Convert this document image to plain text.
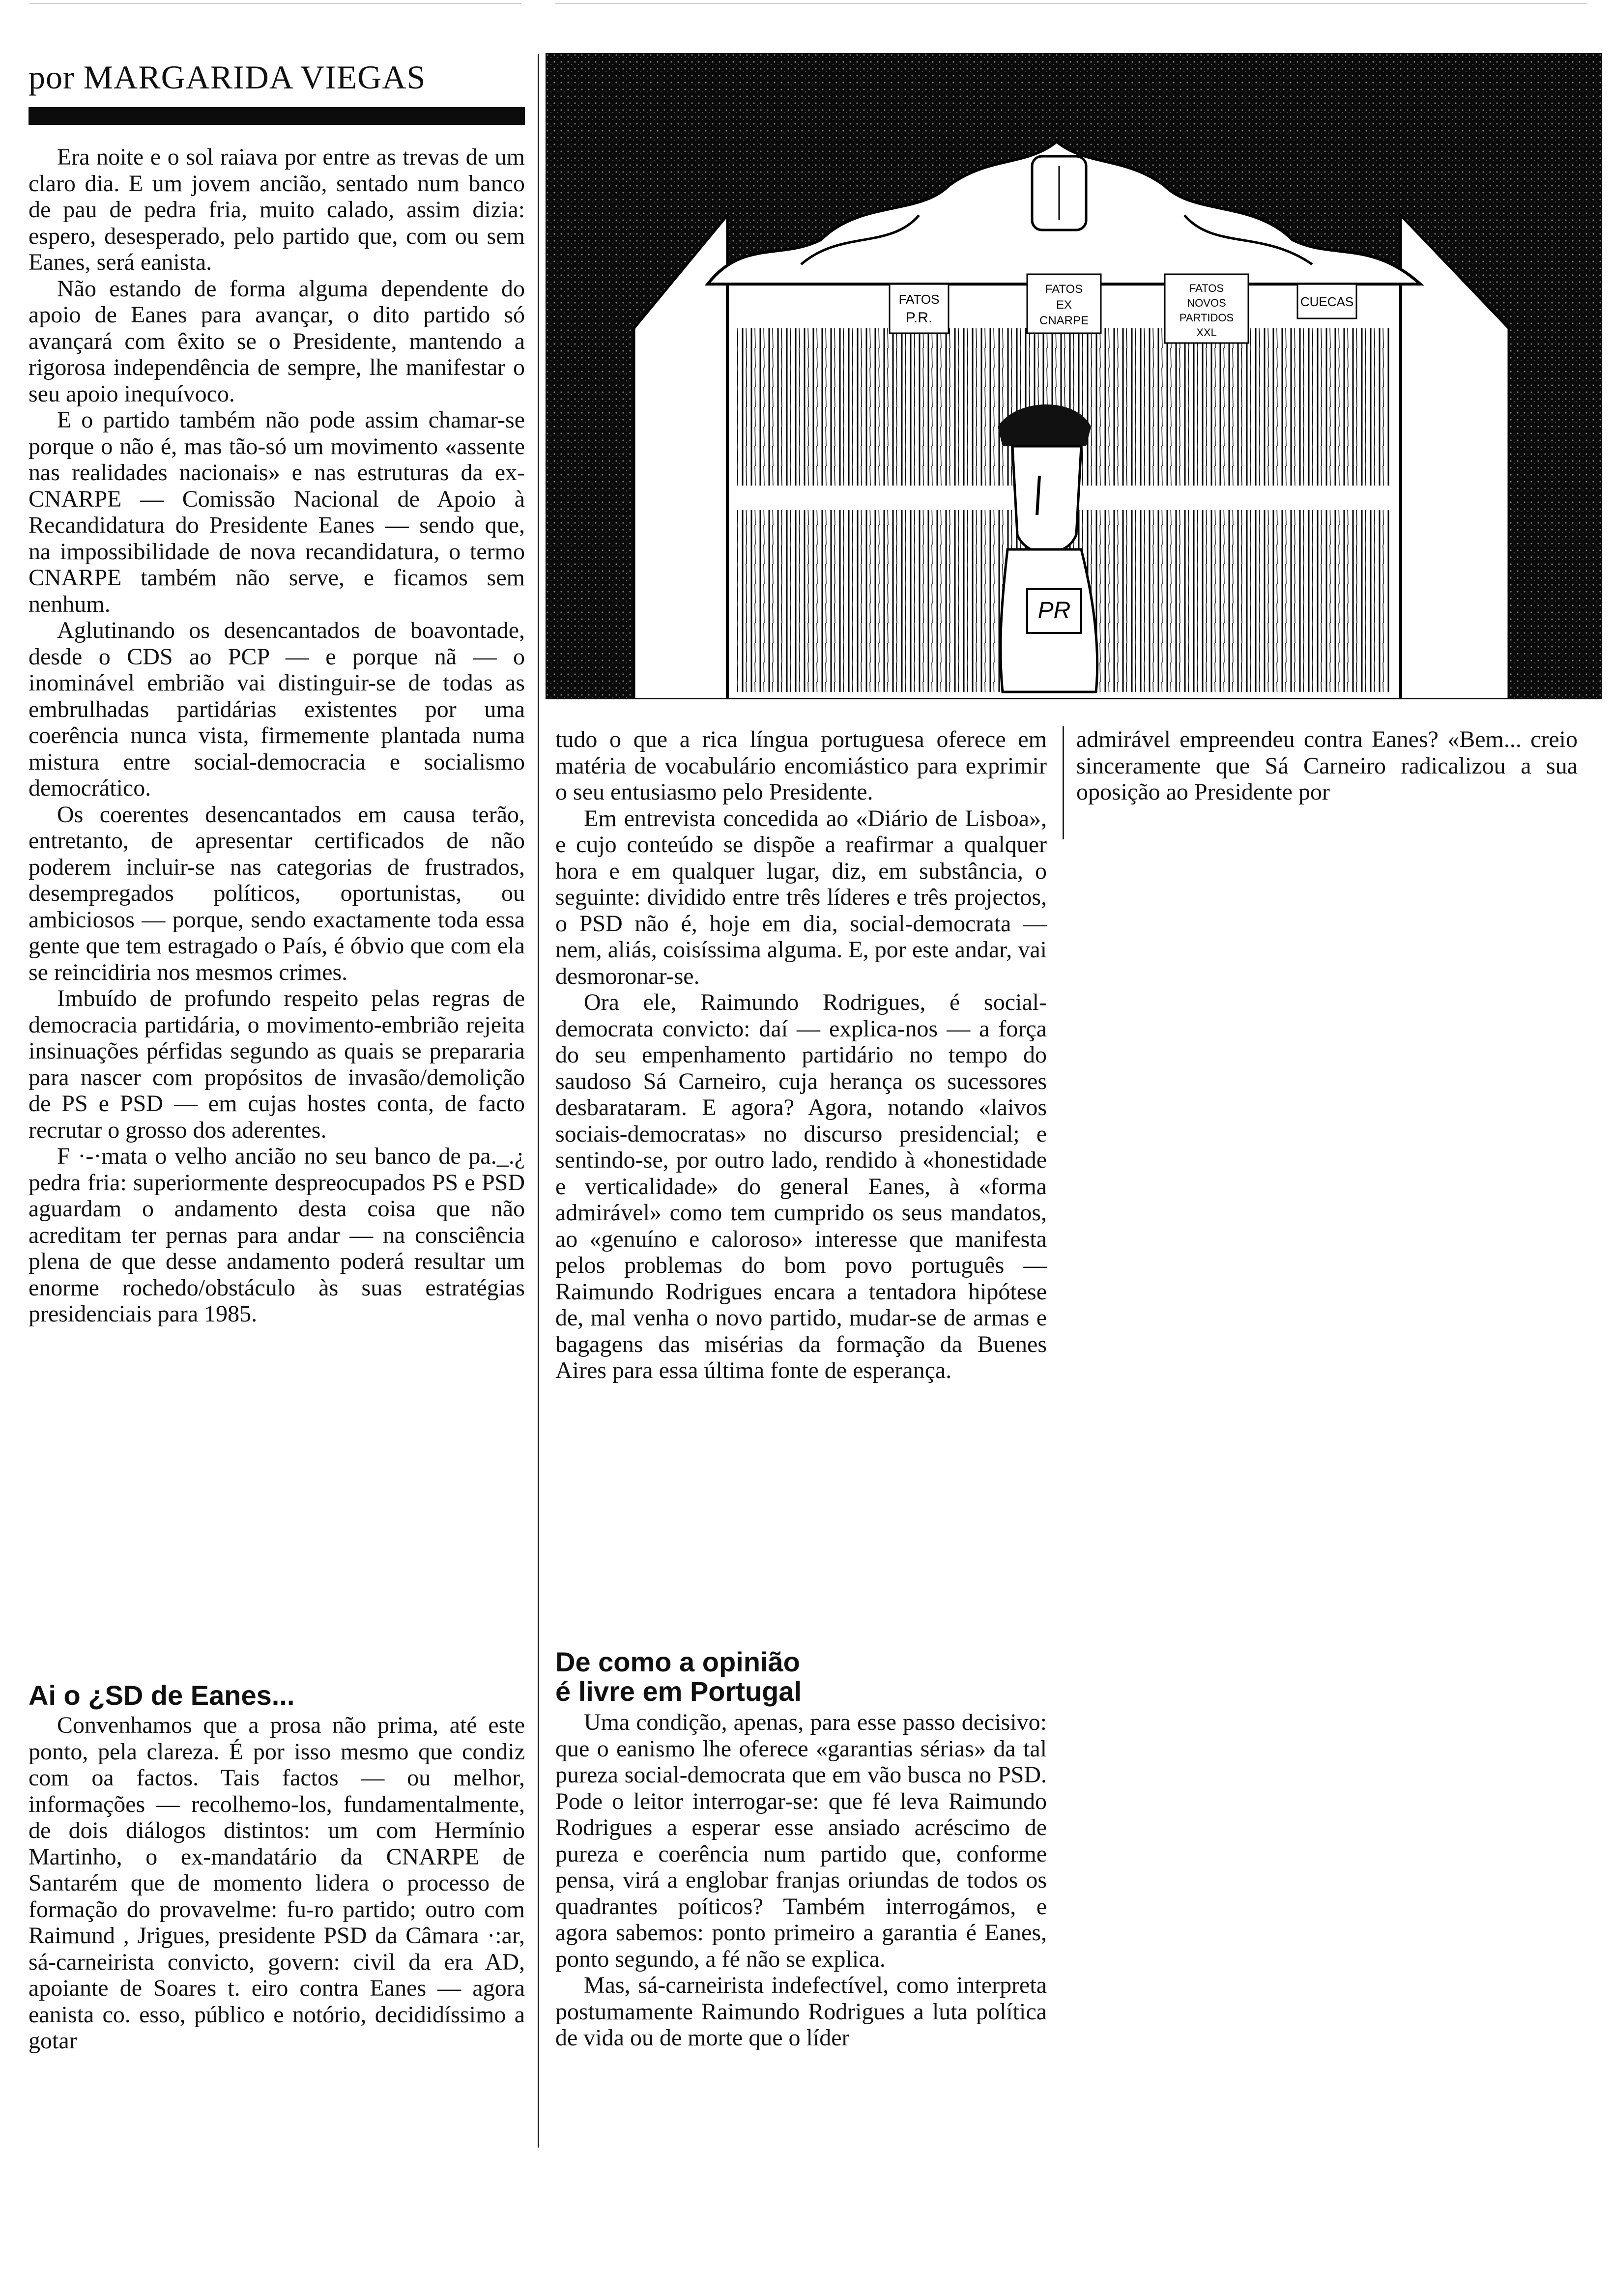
por MARGARIDA VIEGAS

Era noite e o sol raiava por entre as trevas de um claro dia. E um jovem ancião, sentado num banco de pau de pedra fria, muito calado, assim dizia: espero, desesperado, pelo partido que, com ou sem Eanes, será eanista.

Não estando de forma alguma dependente do apoio de Eanes para avançar, o dito partido só avançará com êxito se o Presidente, mantendo a rigorosa independência de sempre, lhe manifestar o seu apoio inequívoco.

E o partido também não pode assim chamar-se porque o não é, mas tão-só um movimento «assente nas realidades nacionais» e nas estruturas da ex-CNARPE — Comissão Nacional de Apoio à Recandidatura do Presidente Eanes — sendo que, na impossibilidade de nova recandidatura, o termo CNARPE também não serve, e ficamos sem nenhum.

Aglutinando os desencantados de boavontade, desde o CDS ao PCP — e porque nã — o inominável embrião vai distinguir-se de todas as embrulhadas partidárias existentes por uma coerência nunca vista, firmemente plantada numa mistura entre social-democracia e socialismo democrático.

Os coerentes desencantados em causa terão, entretanto, de apresentar certificados de não poderem incluir-se nas categorias de frustrados, desempregados políticos, oportunistas, ou ambiciosos — porque, sendo exactamente toda essa gente que tem estragado o País, é óbvio que com ela se reincidiria nos mesmos crimes.

Imbuído de profundo respeito pelas regras de democracia partidária, o movimento-embrião rejeita insinuações pérfidas segundo as quais se prepararia para nascer com propósitos de invasão/demolição de PS e PSD — em cujas hostes conta, de facto recrutar o grosso dos aderentes.

F ·-·mata o velho ancião no seu banco de pa._.¿ pedra fria: superiormente despreocupados PS e PSD aguardam o andamento desta coisa que não acreditam ter pernas para andar — na consciência plena de que desse andamento poderá resultar um enorme rochedo/obstáculo às suas estratégias presidenciais para 1985.

Ai o ¿SD de Eanes...

Convenhamos que a prosa não prima, até este ponto, pela clareza. É por isso mesmo que condiz com oa factos. Tais factos — ou melhor, informações — recolhemo-los, fundamentalmente, de dois diálogos distintos: um com Hermínio Martinho, o ex-mandatário da CNARPE de Santarém que de momento lidera o processo de formação do provavelme: fu-ro partido; outro com Raimund , Jrigues, presidente PSD da Câmara ·:ar, sá-carneirista convicto, govern: civil da era AD, apoiante de Soares t. eiro contra Eanes — agora eanista co. esso, público e notório, decididíssimo a gotar

FATOS
P.R.
FATOS
EX
CNARPE
FATOS
NOVOS
PARTIDOS
XXL
CUECAS
PR

tudo o que a rica língua portuguesa oferece em matéria de vocabulário encomiástico para exprimir o seu entusiasmo pelo Presidente.

Em entrevista concedida ao «Diário de Lisboa», e cujo conteúdo se dispõe a reafirmar a qualquer hora e em qualquer lugar, diz, em substância, o seguinte: dividido entre três líderes e três projectos, o PSD não é, hoje em dia, social-democrata — nem, aliás, coisíssima alguma. E, por este andar, vai desmoronar-se.

Ora ele, Raimundo Rodrigues, é social-democrata convicto: daí — explica-nos — a força do seu empenhamento partidário no tempo do saudoso Sá Carneiro, cuja herança os sucessores desbarataram. E agora? Agora, notando «laivos sociais-democratas» no discurso presidencial; e sentindo-se, por outro lado, rendido à «honestidade e verticalidade» do general Eanes, à «forma admirável» como tem cumprido os seus mandatos, ao «genuíno e caloroso» interesse que manifesta pelos problemas do bom povo português — Raimundo Rodrigues encara a tentadora hipótese de, mal venha o novo partido, mudar-se de armas e bagagens das misérias da formação da Buenes Aires para essa última fonte de esperança.

De como a opinião
é livre em Portugal

Uma condição, apenas, para esse passo decisivo: que o eanismo lhe oferece «garantias sérias» da tal pureza social-democrata que em vão busca no PSD. Pode o leitor interrogar-se: que fé leva Raimundo Rodrigues a esperar esse ansiado acréscimo de pureza e coerência num partido que, conforme pensa, virá a englobar franjas oriundas de todos os quadrantes poíticos? Também interrogámos, e agora sabemos: ponto primeiro a garantia é Eanes, ponto segundo, a fé não se explica.

Mas, sá-carneirista indefectível, como interpreta postumamente Raimundo Rodrigues a luta política de vida ou de morte que o líder

admirável empreendeu contra Eanes? «Bem... creio sinceramente que Sá Carneiro radicalizou a sua oposição ao Presidente por
